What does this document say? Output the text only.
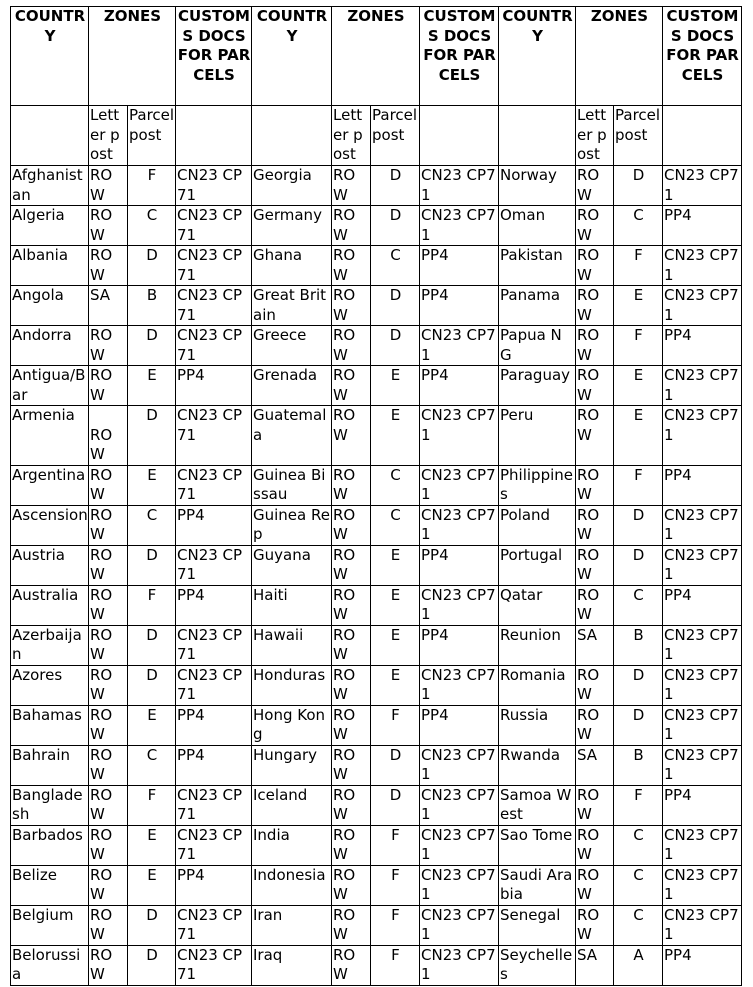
COUNTRY	ZONES		CUSTOMS DOCS FOR PARCELS	COUNTRY	ZONES		CUSTOMS DOCS FOR PARCELS	COUNTRY	ZONES		CUSTOMS DOCS FOR PARCELS
	Letter post	Parcel post			Letter post	Parcel post			Letter post	Parcel post	
Afghanistan	ROW	F	CN23 CP71	Georgia	ROW	D	CN23 CP71	Norway	ROW	D	CN23 CP71
Algeria	ROW	C	CN23 CP71	Germany	ROW	D	CN23 CP71	Oman	ROW	C	PP4
Albania	ROW	D	CN23 CP71	Ghana	ROW	C	PP4	Pakistan	ROW	F	CN23 CP71
Angola	SA	B	CN23 CP71	Great Britain	ROW	D	PP4	Panama	ROW	E	CN23 CP71
Andorra	ROW	D	CN23 CP71	Greece	ROW	D	CN23 CP71	Papua N G	ROW	F	PP4
Antigua/Bar	ROW	E	PP4	Grenada	ROW	E	PP4	Paraguay	ROW	E	CN23 CP71
Armenia	ROW	D	CN23 CP71	Guatemala	ROW	E	CN23 CP71	Peru	ROW	E	CN23 CP71
Argentina	ROW	E	CN23 CP71	Guinea Bissau	ROW	C	CN23 CP71	Philippines	ROW	F	PP4
Ascension	ROW	C	PP4	Guinea Rep	ROW	C	CN23 CP71	Poland	ROW	D	CN23 CP71
Austria	ROW	D	CN23 CP71	Guyana	ROW	E	PP4	Portugal	ROW	D	CN23 CP71
Australia	ROW	F	PP4	Haiti	ROW	E	CN23 CP71	Qatar	ROW	C	PP4
Azerbaijan	ROW	D	CN23 CP71	Hawaii	ROW	E	PP4	Reunion	SA	B	CN23 CP71
Azores	ROW	D	CN23 CP71	Honduras	ROW	E	CN23 CP71	Romania	ROW	D	CN23 CP71
Bahamas	ROW	E	PP4	Hong Kong	ROW	F	PP4	Russia	ROW	D	CN23 CP71
Bahrain	ROW	C	PP4	Hungary	ROW	D	CN23 CP71	Rwanda	SA	B	CN23 CP71
Bangladesh	ROW	F	CN23 CP71	Iceland	ROW	D	CN23 CP71	Samoa West	ROW	F	PP4
Barbados	ROW	E	CN23 CP71	India	ROW	F	CN23 CP71	Sao Tome	ROW	C	CN23 CP71
Belize	ROW	E	PP4	Indonesia	ROW	F	CN23 CP71	Saudi Arabia	ROW	C	CN23 CP71
Belgium	ROW	D	CN23 CP71	Iran	ROW	F	CN23 CP71	Senegal	ROW	C	CN23 CP71
Belorussia	ROW	D	CN23 CP71	Iraq	ROW	F	CN23 CP71	Seychelles	SA	A	PP4
